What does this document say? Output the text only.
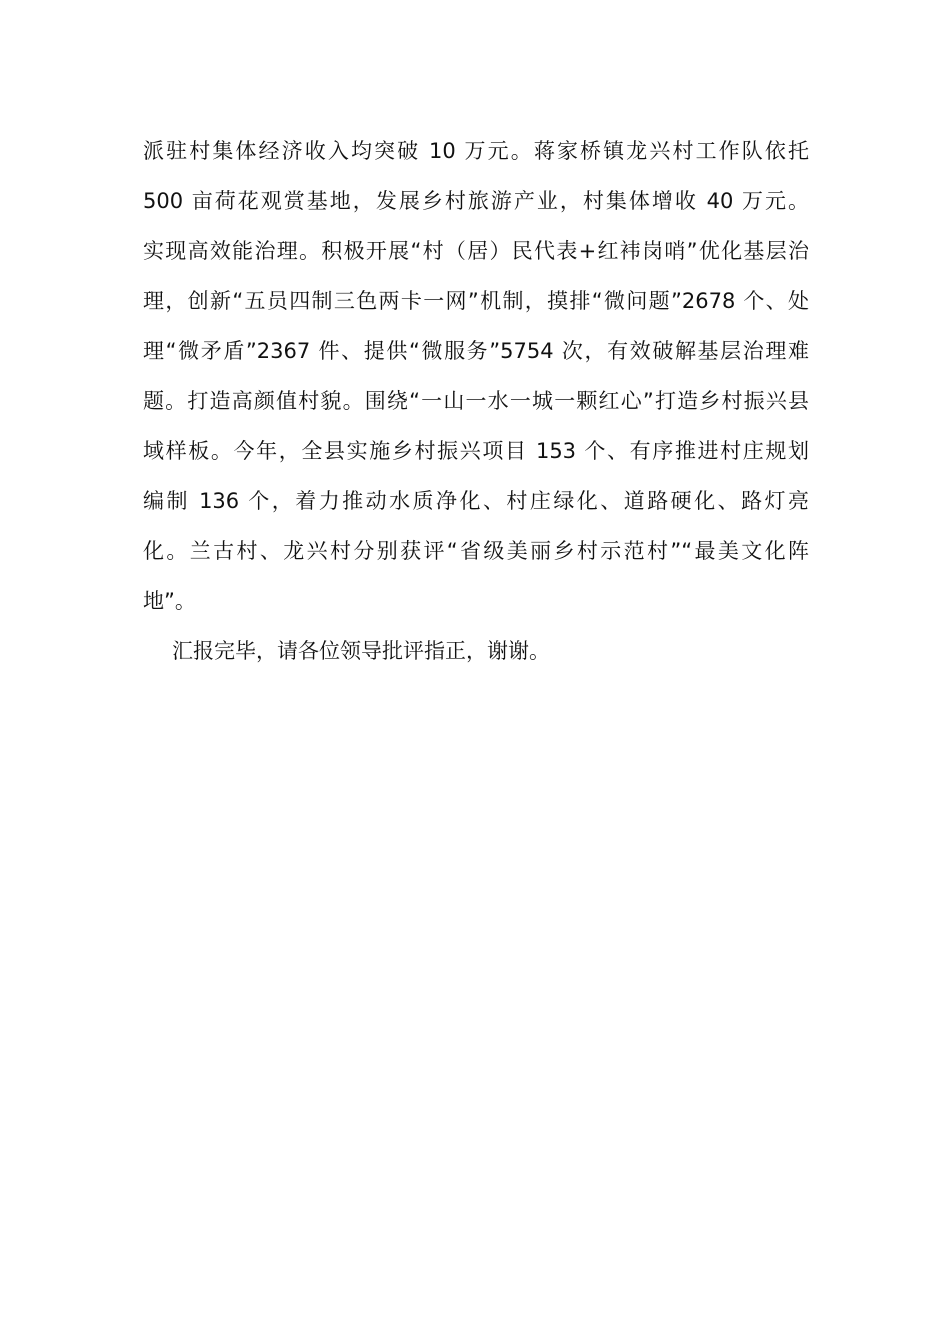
派驻村集体经济收入均突破 10 万元。蒋家桥镇龙兴村工作队依托
500 亩荷花观赏基地，发展乡村旅游产业，村集体增收 40 万元。
实现高效能治理。积极开展“村（居）民代表+红袆岗哨”优化基层治
理，创新“五员四制三色两卡一网”机制，摸排“微问题”2678 个、处
理“微矛盾”2367 件、提供“微服务”5754 次，有效破解基层治理难
题。打造高颜值村貌。围绕“一山一水一城一颗红心”打造乡村振兴县
域样板。今年，全县实施乡村振兴项目 153 个、有序推进村庄规划
编制 136 个，着力推动水质净化、村庄绿化、道路硬化、路灯亮
化。兰古村、龙兴村分别获评“省级美丽乡村示范村”“最美文化阵
地”。
汇报完毕，请各位领导批评指正，谢谢。
